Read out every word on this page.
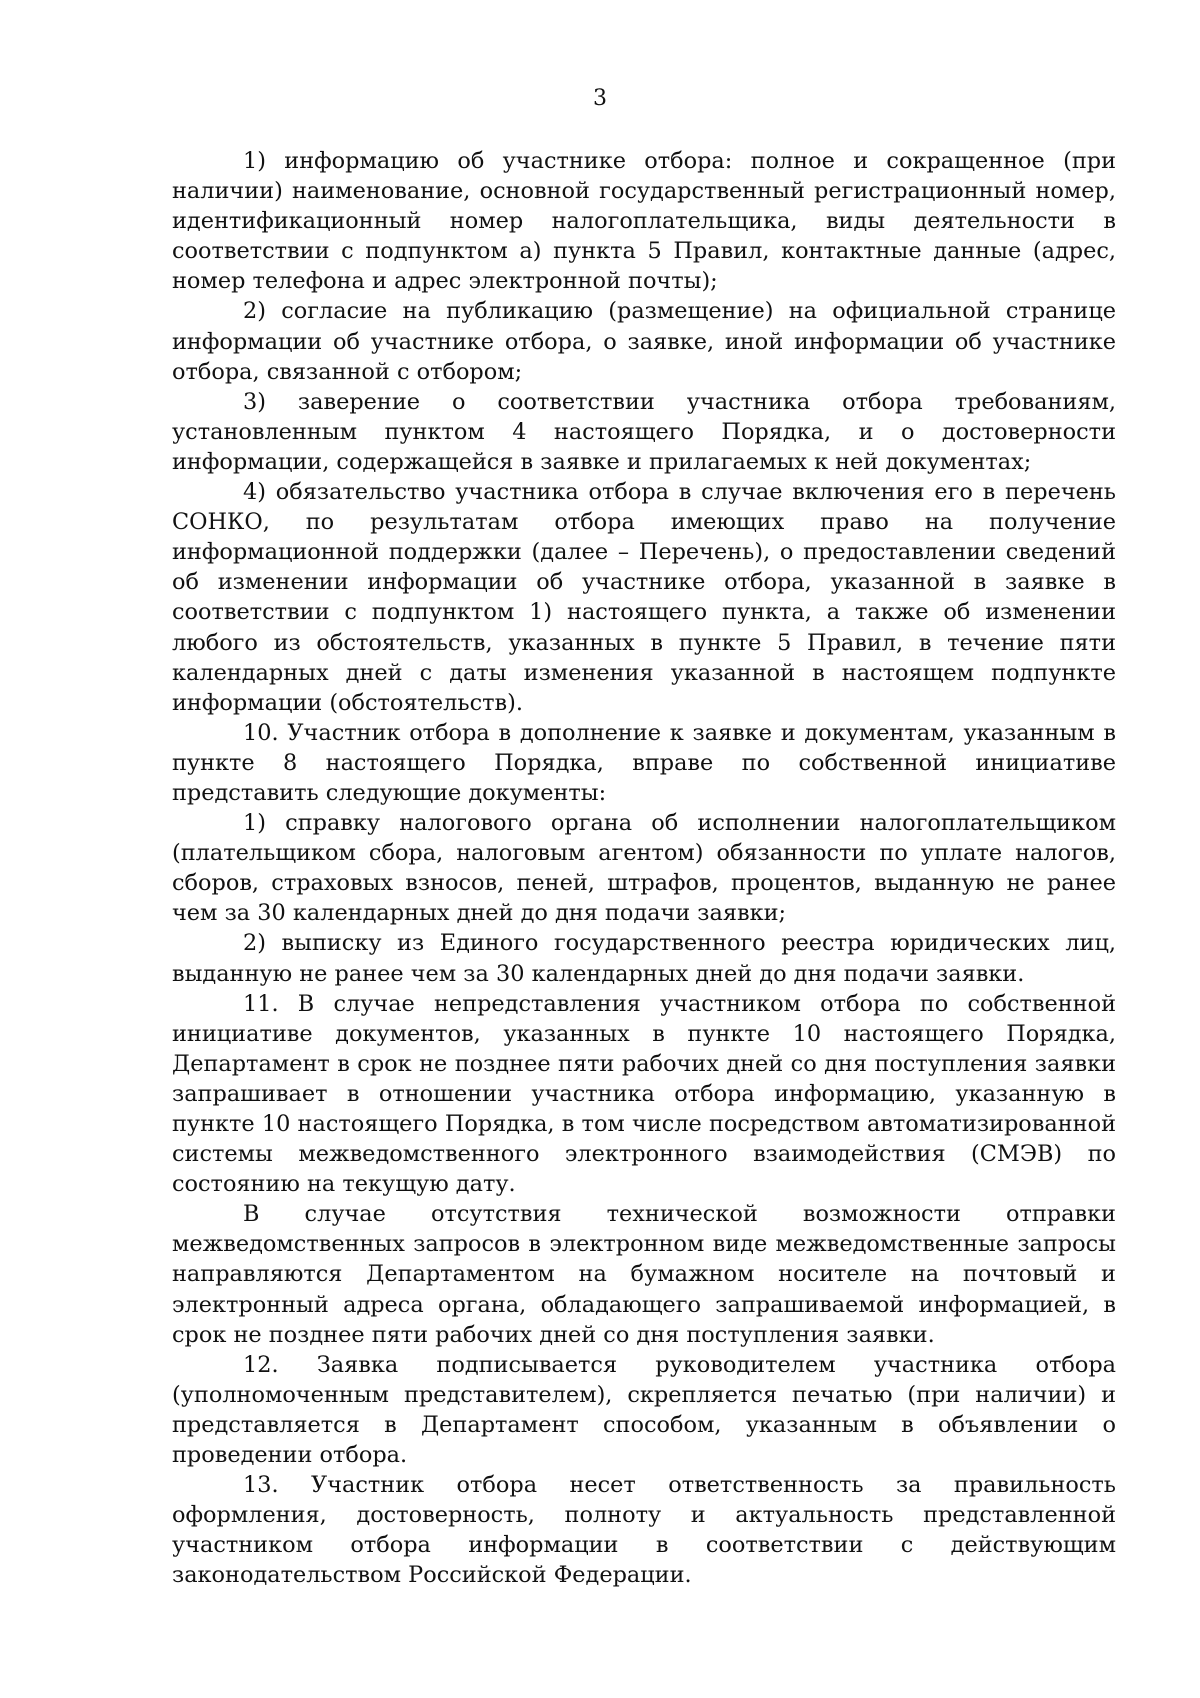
3

1) информацию об участнике отбора: полное и сокращенное (при наличии) наименование, основной государственный регистрационный номер, идентификационный номер налогоплательщика, виды деятельности в соответствии с подпунктом а) пункта 5 Правил, контактные данные (адрес, номер телефона и адрес электронной почты);

2) согласие на публикацию (размещение) на официальной странице информации об участнике отбора, о заявке, иной информации об участнике отбора, связанной с отбором;

3) заверение о соответствии участника отбора требованиям, установленным пунктом 4 настоящего Порядка, и о достоверности информации, содержащейся в заявке и прилагаемых к ней документах;

4) обязательство участника отбора в случае включения его в перечень СОНКО, по результатам отбора имеющих право на получение информационной поддержки (далее – Перечень), о предоставлении сведений об изменении информации об участнике отбора, указанной в заявке в соответствии с подпунктом 1) настоящего пункта, а также об изменении любого из обстоятельств, указанных в пункте 5 Правил, в течение пяти календарных дней с даты изменения указанной в настоящем подпункте информации (обстоятельств).

10. Участник отбора в дополнение к заявке и документам, указанным в пункте 8 настоящего Порядка, вправе по собственной инициативе представить следующие документы:

1) справку налогового органа об исполнении налогоплательщиком (плательщиком сбора, налоговым агентом) обязанности по уплате налогов, сборов, страховых взносов, пеней, штрафов, процентов, выданную не ранее чем за 30 календарных дней до дня подачи заявки;

2) выписку из Единого государственного реестра юридических лиц, выданную не ранее чем за 30 календарных дней до дня подачи заявки.

11. В случае непредставления участником отбора по собственной инициативе документов, указанных в пункте 10 настоящего Порядка, Департамент в срок не позднее пяти рабочих дней со дня поступления заявки запрашивает в отношении участника отбора информацию, указанную в пункте 10 настоящего Порядка, в том числе посредством автоматизированной системы межведомственного электронного взаимодействия (СМЭВ) по состоянию на текущую дату.

В случае отсутствия технической возможности отправки межведомственных запросов в электронном виде межведомственные запросы направляются Департаментом на бумажном носителе на почтовый и электронный адреса органа, обладающего запрашиваемой информацией, в срок не позднее пяти рабочих дней со дня поступления заявки.

12. Заявка подписывается руководителем участника отбора (уполномоченным представителем), скрепляется печатью (при наличии) и представляется в Департамент способом, указанным в объявлении о проведении отбора.

13. Участник отбора несет ответственность за правильность оформления, достоверность, полноту и актуальность представленной участником отбора информации в соответствии с действующим законодательством Российской Федерации.
